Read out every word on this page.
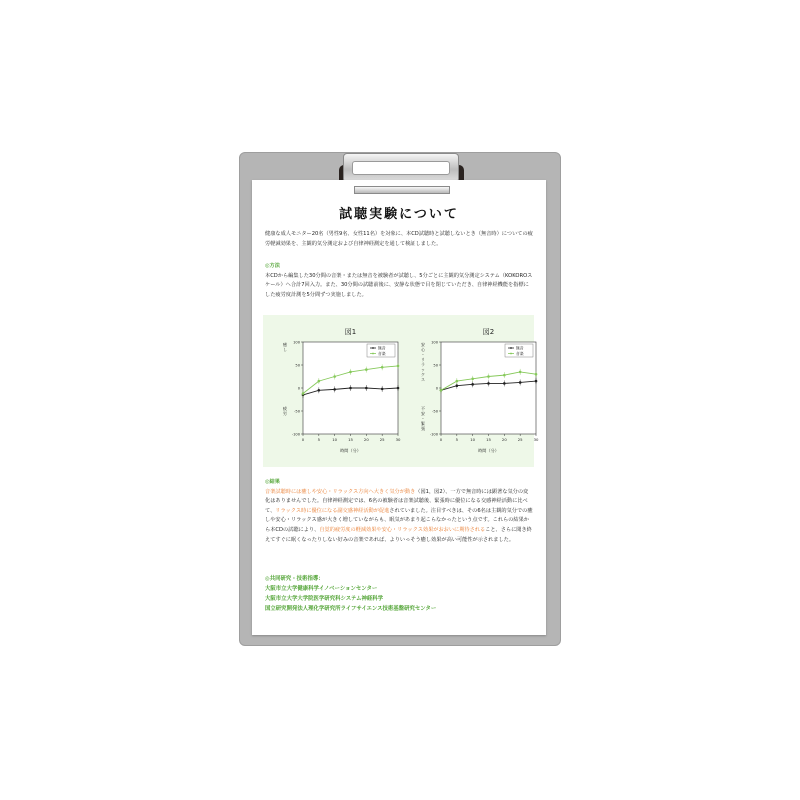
試聴実験について

健康な成人モニター20名（男性9名、女性11名）を対象に、本CD試聴時と試聴しないとき（無音時）についての疲労軽減効果を、主観的気分測定および自律神経測定を通して検証しました。

◎方法

本CDから編集した30分間の音楽・または無音を被験者が試聴し、5分ごとに主観的気分測定システム（KOKOROスケール）へ合計7回入力。また、30分間の試聴前後に、安静な状態で目を閉じていただき、自律神経機能を指標にした疲労度計測を5分間ずつ実施しました。

図1
100
50
0
-50
-100
0	5	10	15	20	25	30
時間（分）
癒し
疲労
無音
音楽
図2
100
50
0
-50
-100
0	5	10	15	20	25	30
時間（分）
安心・リラックス
不安・緊張
無音
音楽

◎結果

音楽試聴時には癒しや安心・リラックス方向へ大きく気分が動き（図1，図2）、一方で無音時には顕著な気分の変化はありませんでした。自律神経測定では、6名の被験者は音楽試聴後、緊張時に優位になる交感神経活動に比べて、リラックス時に優位になる副交感神経活動が促進されていました。注目すべきは、その6名は主観的気分での癒しや安心・リラックス感が大きく増していながらも、眠気があまり起こらなかったという点です。これらの結果から本CDの試聴により、自覚的疲労度の軽減効果や安心・リラックス効果がおおいに期待されること、さらに聞き終えてすぐに眠くなったりしない好みの音楽であれば、よりいっそう癒し効果が高い可能性が示されました。

◎共同研究・技術指導：
大阪市立大学健康科学イノベーションセンター
大阪市立大学大学院医学研究科システム神経科学
国立研究開発法人理化学研究所ライフサイエンス技術基盤研究センター
